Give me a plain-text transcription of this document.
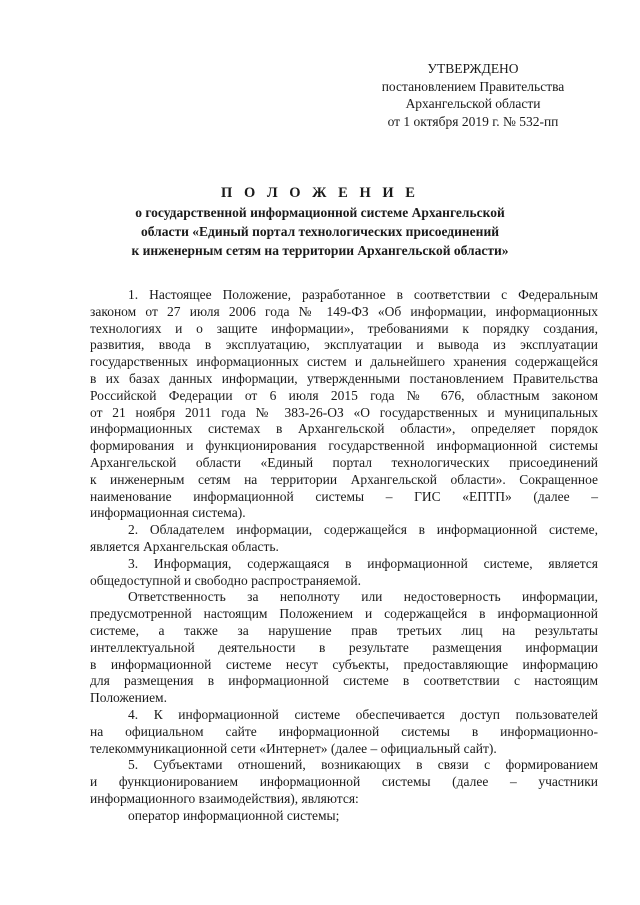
УТВЕРЖДЕНО
постановлением Правительства
Архангельской области
от 1 октября 2019 г. № 532-пп
П О Л О Ж Е Н И Е
о государственной информационной системе Архангельской
области «Единый портал технологических присоединений
к инженерным сетям на территории Архангельской области»
1. Настоящее Положение, разработанное в соответствии с Федеральным
законом от 27 июля 2006 года № 149-ФЗ «Об информации, информационных
технологиях и о защите информации», требованиями к порядку создания,
развития, ввода в эксплуатацию, эксплуатации и вывода из эксплуатации
государственных информационных систем и дальнейшего хранения содержащейся
в их базах данных информации, утвержденными постановлением Правительства
Российской Федерации от 6 июля 2015 года № 676, областным законом
от 21 ноября 2011 года № 383-26-ОЗ «О государственных и муниципальных
информационных системах в Архангельской области», определяет порядок
формирования и функционирования государственной информационной системы
Архангельской области «Единый портал технологических присоединений
к инженерным сетям на территории Архангельской области». Сокращенное
наименование информационной системы – ГИС «ЕПТП» (далее –
информационная система).
2. Обладателем информации, содержащейся в информационной системе,
является Архангельская область.
3. Информация, содержащаяся в информационной системе, является
общедоступной и свободно распространяемой.
Ответственность за неполноту или недостоверность информации,
предусмотренной настоящим Положением и содержащейся в информационной
системе, а также за нарушение прав третьих лиц на результаты
интеллектуальной деятельности в результате размещения информации
в информационной системе несут субъекты, предоставляющие информацию
для размещения в информационной системе в соответствии с настоящим
Положением.
4. К информационной системе обеспечивается доступ пользователей
на официальном сайте информационной системы в информационно-
телекоммуникационной сети «Интернет» (далее – официальный сайт).
5. Субъектами отношений, возникающих в связи с формированием
и функционированием информационной системы (далее – участники
информационного взаимодействия), являются:
оператор информационной системы;
